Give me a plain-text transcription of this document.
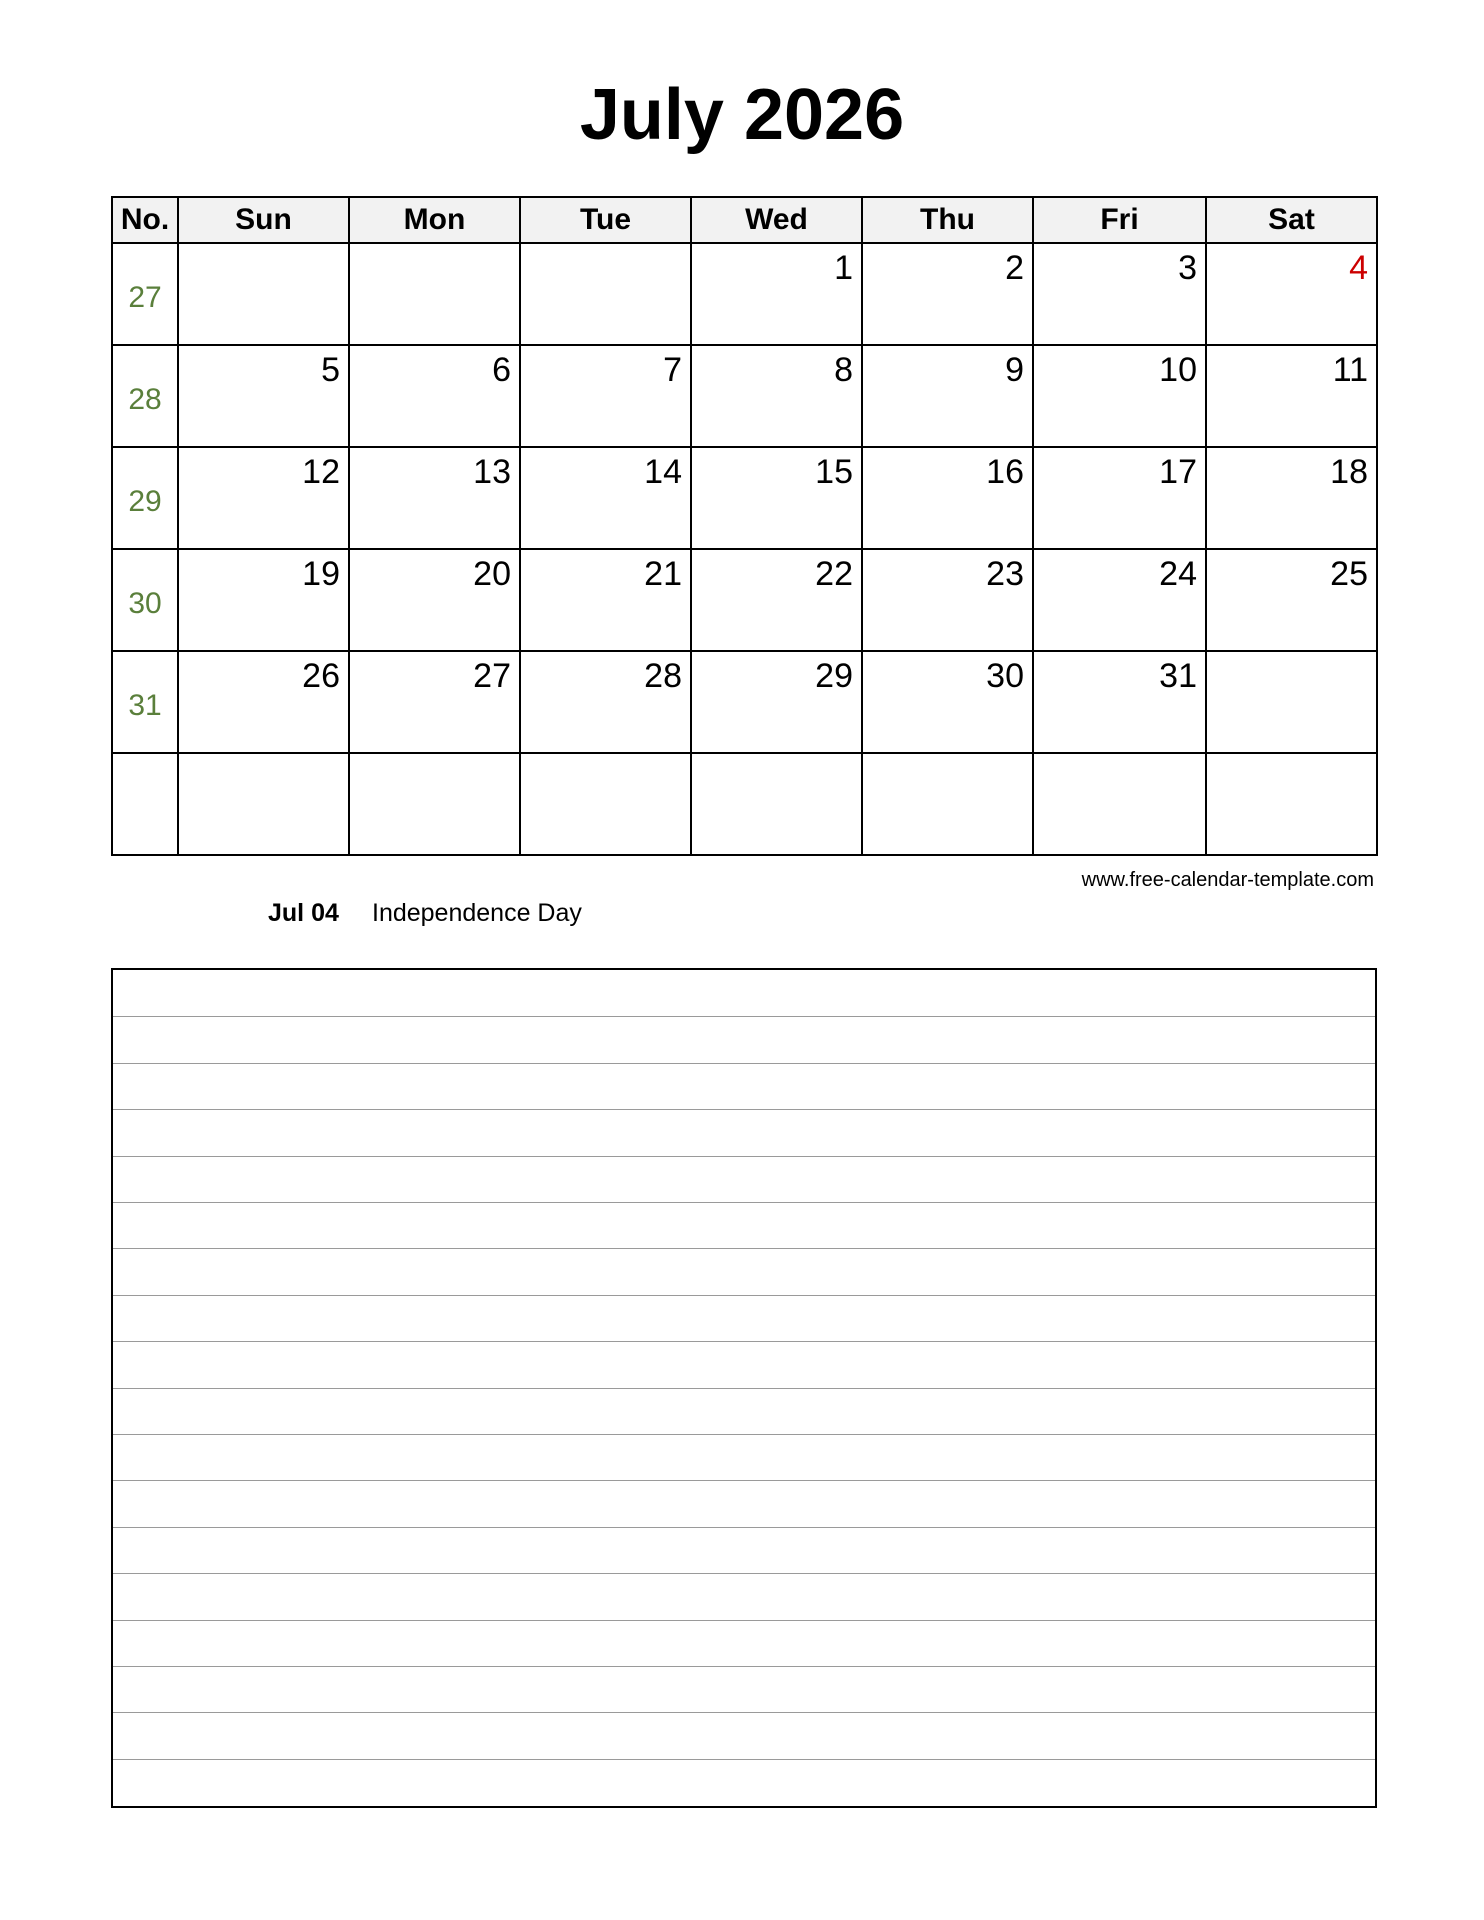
July 2026
No.	Sun	Mon	Tue	Wed	Thu	Fri	Sat

27				1	2	3	4

28	5	6	7	8	9	10	11

29	12	13	14	15	16	17	18

30	19	20	21	22	23	24	25

31	26	27	28	29	30	31	

www.free-calendar-template.com
Jul 04	Independence Day
